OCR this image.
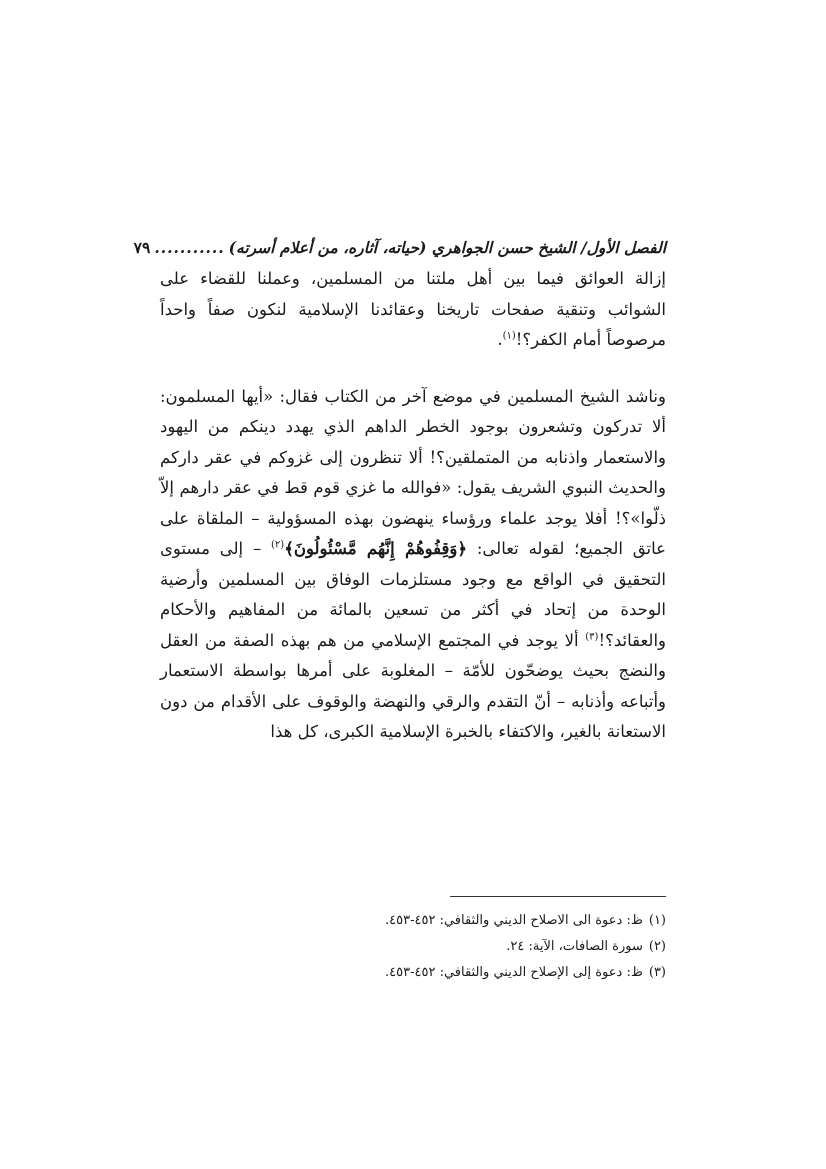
الفصل الأول/ الشيخ حسن الجواهري (حياته، آثاره، من أعلام أسرته)
...........
٧٩

إزالة العوائق فيما بين أهل ملتنا من المسلمين، وعملنا للقضاء على الشوائب وتنقية صفحات تاريخنا وعقائدنا الإسلامية لنكون صفاً واحداً مرصوصاً أمام الكفر؟!$^{(١)}$.

وناشد الشيخ المسلمين في موضع آخر من الكتاب فقال: «أيها المسلمون: ألا تدركون وتشعرون بوجود الخطر الداهم الذي يهدد دينكم من اليهود والاستعمار واذنابه من المتملقين؟! ألا تنظرون إلى غزوكم في عقر داركم والحديث النبوي الشريف يقول: «فوالله ما غزي قوم قط في عقر دارهم إلاّ ذلّوا»؟! أفلا يوجد علماء ورؤساء ينهضون بهذه المسؤولية – الملقاة على عاتق الجميع؛ لقوله تعالى: ﴿وَقِفُوهُمْ إِنَّهُم مَّسْئُولُونَ﴾$^{(٢)}$ – إلى مستوى التحقيق في الواقع مع وجود مستلزمات الوفاق بين المسلمين وأرضية الوحدة من إتحاد في أكثر من تسعين بالمائة من المفاهيم والأحكام والعقائد؟!$^{(٣)}$ ألا يوجد في المجتمع الإسلامي من هم بهذه الصفة من العقل والنضج بحيث يوضحّون للأمّة – المغلوبة على أمرها بواسطة الاستعمار وأتباعه وأذنابه – أنّ التقدم والرقي والنهضة والوقوف على الأقدام من دون الاستعانة بالغير، والاكتفاء بالخبرة الإسلامية الكبرى، كل هذا

(١)
ظ: دعوة الى الاصلاح الديني والثقافي: ٤٥٢-٤٥٣.
(٢)
سورة الصافات، الآية: ٢٤.
(٣)
ظ: دعوة إلى الإصلاح الديني والثقافي: ٤٥٢-٤٥٣.
